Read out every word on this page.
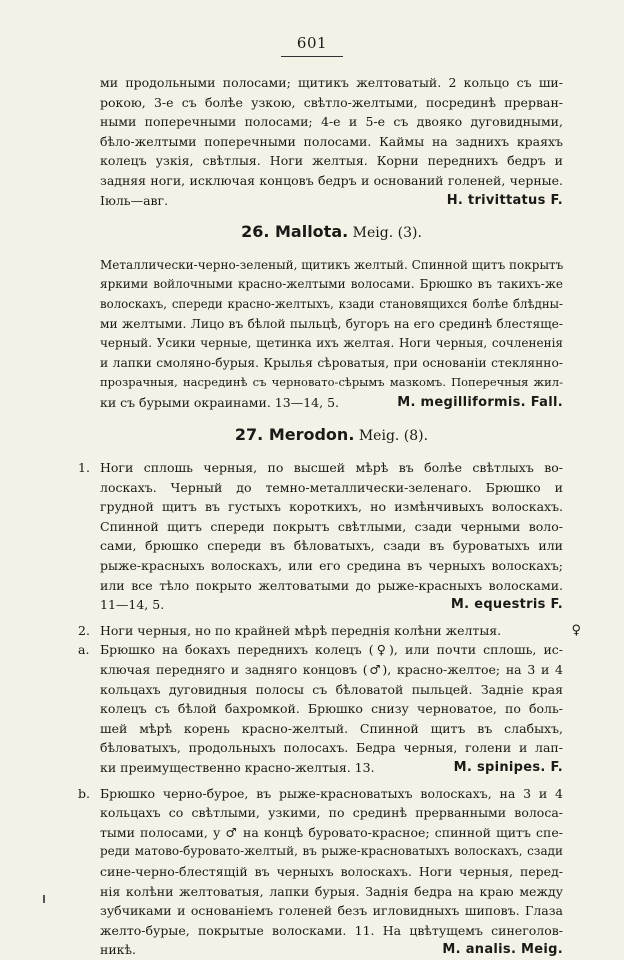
601
ми продольными полосами; щитикъ желтоватый. 2 кольцо съ ши-
рокою, 3-е съ болѣе узкою, свѣтло-желтыми, посрединѣ прерван-
ными поперечными полосами; 4-е и 5-е съ двояко дуговидными,
бѣло-желтыми поперечными полосами. Каймы на заднихъ краяхъ
колецъ узкія, свѣтлыя. Ноги желтыя. Корни переднихъ бедръ и
задняя ноги, исключая концовъ бедръ и оснований голеней, черные.
Іюль—авг.	H. trivittatus F.
26. Mallota. Meig. (3).
Металлически-черно-зеленый, щитикъ желтый. Спинной щитъ покрытъ
яркими войлочными красно-желтыми волосами. Брюшко въ такихъ-же
волоскахъ, спереди красно-желтыхъ, кзади становящихся болѣе блѣдны-
ми желтыми. Лицо въ бѣлой пыльцѣ, бугоръ на его срединѣ блестяще-
черный. Усики черные, щетинка ихъ желтая. Ноги черныя, сочлененія
и лапки смоляно-бурыя. Крылья сѣроватыя, при основаніи стеклянно-
прозрачныя, насрединѣ съ черновато-сѣрымъ мазкомъ. Поперечныя жил-
ки съ бурыми окраинами. 13—14, 5.	M. megilliformis. Fall.
27. Merodon. Meig. (8).
1. Ноги сплошь черныя, по высшей мѣрѣ въ болѣе свѣтлыхъ во-
лоскахъ. Черный до темно-металлически-зеленаго. Брюшко и
грудной щитъ въ густыхъ короткихъ, но измѣнчивыхъ волоскахъ.
Спинной щитъ спереди покрытъ свѣтлыми, сзади черными воло-
сами, брюшко спереди въ бѣловатыхъ, сзади въ буроватыхъ или
рыже-красныхъ волоскахъ, или его средина въ черныхъ волоскахъ;
или все тѣло покрыто желтоватыми до рыже-красныхъ волосками.
11—14, 5.	M. equestris F.
2. Ноги черныя, но по крайней мѣрѣ переднія колѣни желтыя.	♀
a. Брюшко на бокахъ переднихъ колецъ (♀), или почти сплошь, ис-
ключая передняго и задняго концовъ (♂), красно-желтое; на 3 и 4
кольцахъ дуговидныя полосы съ бѣловатой пыльцей. Задніе края
колецъ съ бѣлой бахромкой. Брюшко снизу черноватое, по боль-
шей мѣрѣ корень красно-желтый. Спинной щитъ въ слабыхъ,
бѣловатыхъ, продольныхъ полосахъ. Бедра черныя, голени и лап-
ки преимущественно красно-желтыя. 13.	M. spinipes. F.
b. Брюшко черно-бурое, въ рыже-красноватыхъ волоскахъ, на 3 и 4
кольцахъ со свѣтлыми, узкими, по срединѣ прерванными волоса-
тыми полосами, у ♂ на концѣ буровато-красное; спинной щитъ спе-
реди матово-буровато-желтый, въ рыже-красноватыхъ волоскахъ, сзади
сине-черно-блестящій въ черныхъ волоскахъ. Ноги черныя, перед-
нія колѣни желтоватыя, лапки бурыя. Заднія бедра на краю между
зубчиками и основаніемъ голеней безъ игловидныхъ шиповъ. Глаза
желто-бурые, покрытые волосками. 11. На цвѣтущемъ синеголов-
никѣ.	M. analis. Meig.
